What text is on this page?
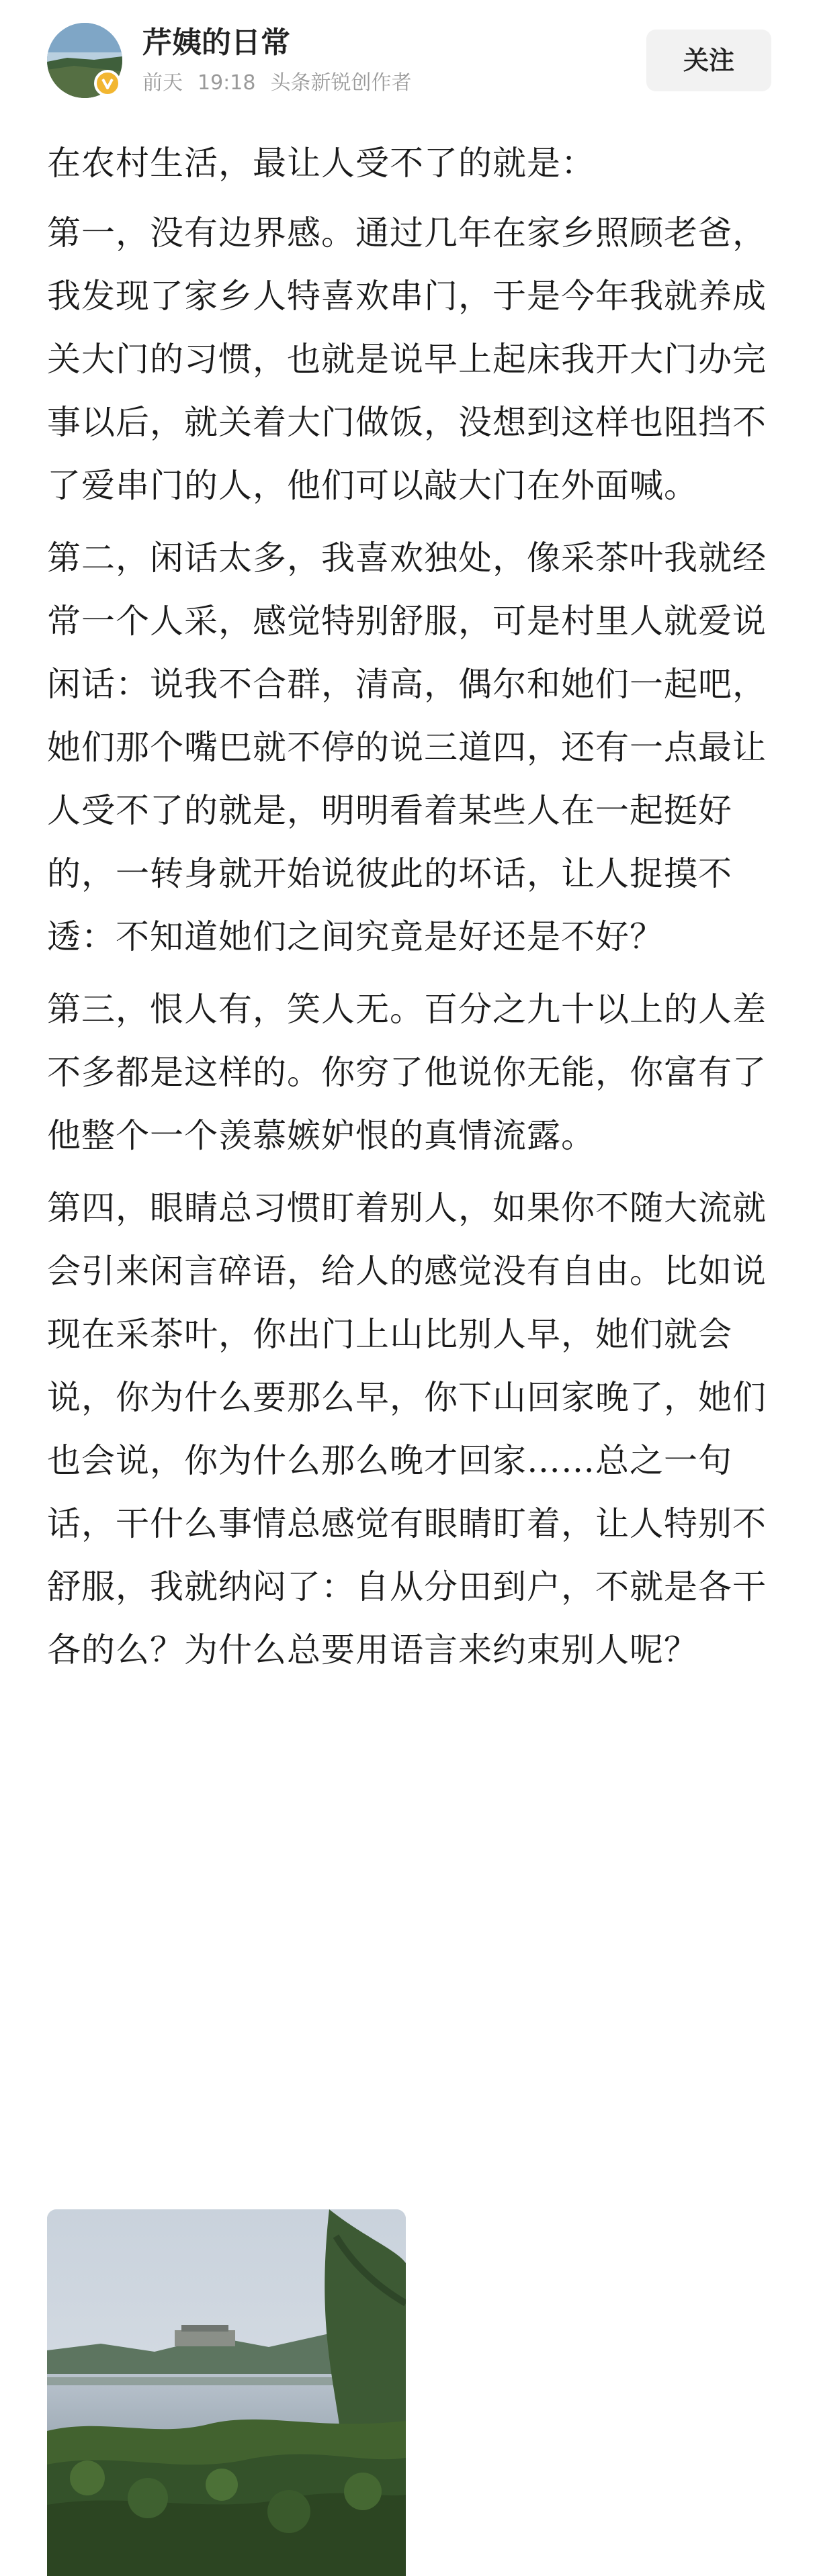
芹姨的日常
前天 19:18 头条新锐创作者
关注

在农村生活，最让人受不了的就是：

第一，没有边界感。通过几年在家乡照顾老爸，我发现了家乡人特喜欢串门，于是今年我就养成关大门的习惯，也就是说早上起床我开大门办完事以后，就关着大门做饭，没想到这样也阻挡不了爱串门的人，他们可以敲大门在外面喊。

第二，闲话太多，我喜欢独处，像采茶叶我就经常一个人采，感觉特别舒服，可是村里人就爱说闲话：说我不合群，清高，偶尔和她们一起吧，她们那个嘴巴就不停的说三道四，还有一点最让人受不了的就是，明明看着某些人在一起挺好的，一转身就开始说彼此的坏话，让人捉摸不透：不知道她们之间究竟是好还是不好？

第三，恨人有，笑人无。百分之九十以上的人差不多都是这样的。你穷了他说你无能，你富有了他整个一个羡慕嫉妒恨的真情流露。

第四，眼睛总习惯盯着别人，如果你不随大流就会引来闲言碎语，给人的感觉没有自由。比如说现在采茶叶，你出门上山比别人早，她们就会说，你为什么要那么早，你下山回家晚了，她们也会说，你为什么那么晚才回家……总之一句话，干什么事情总感觉有眼睛盯着，让人特别不舒服，我就纳闷了：自从分田到户，不就是各干各的么？为什么总要用语言来约束别人呢？
